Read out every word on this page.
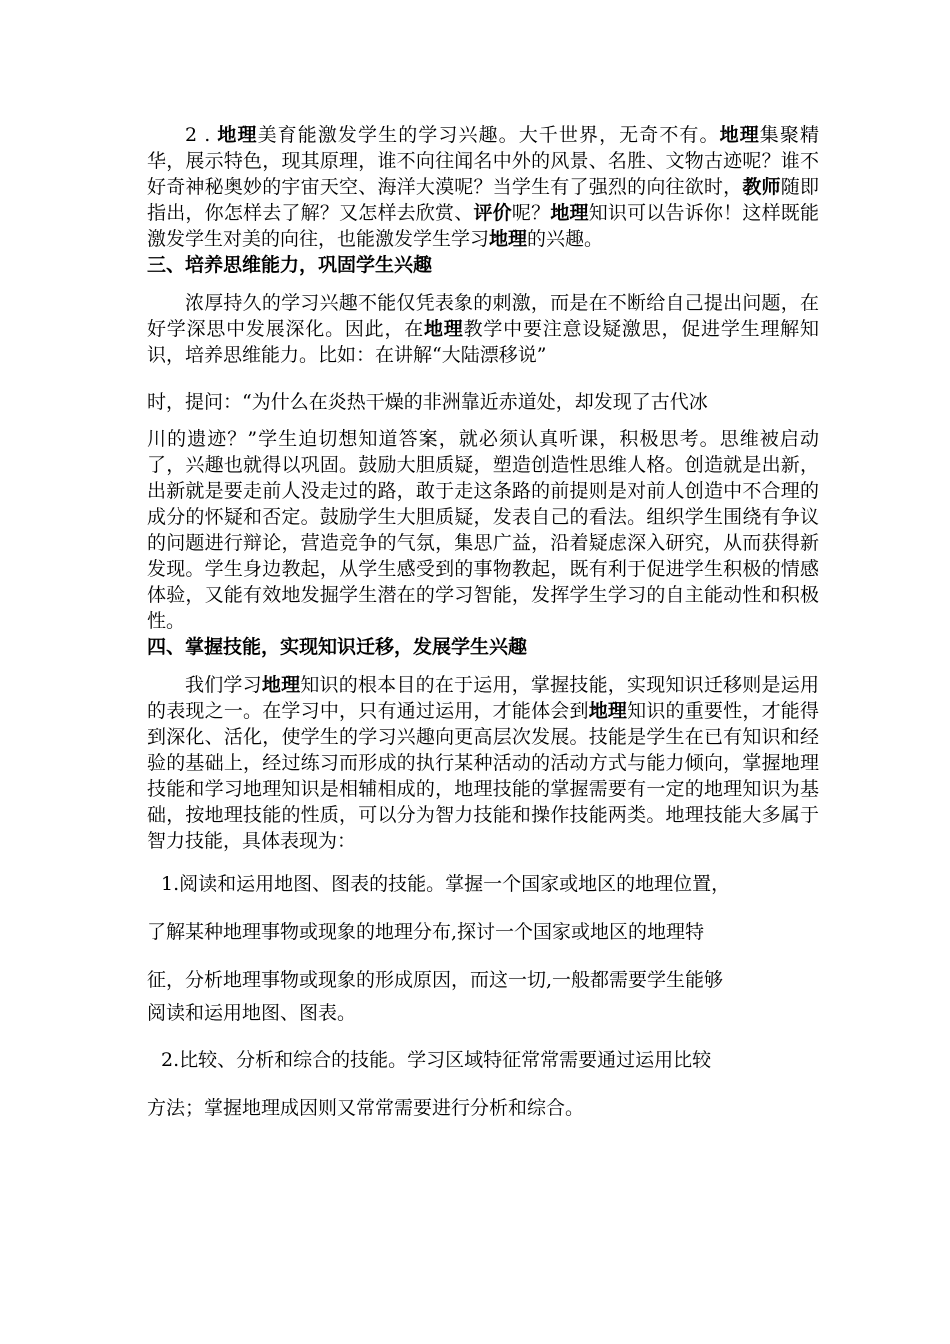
2 . 地理美育能激发学生的学习兴趣。大千世界，无奇不有。地理集聚精华，展示特色，现其原理，谁不向往闻名中外的风景、名胜、文物古迹呢？谁不好奇神秘奥妙的宇宙天空、海洋大漠呢？当学生有了强烈的向往欲时，教师随即指出，你怎样去了解？又怎样去欣赏、评价呢？地理知识可以告诉你！这样既能激发学生对美的向往，也能激发学生学习地理的兴趣。

三、培养思维能力，巩固学生兴趣

浓厚持久的学习兴趣不能仅凭表象的刺激，而是在不断给自己提出问题，在好学深思中发展深化。因此，在地理教学中要注意设疑激思，促进学生理解知识，培养思维能力。比如：在讲解“大陆漂移说”

时，提问：“为什么在炎热干燥的非洲靠近赤道处，却发现了古代冰

川的遗迹？”学生迫切想知道答案，就必须认真听课，积极思考。思维被启动了，兴趣也就得以巩固。鼓励大胆质疑，塑造创造性思维人格。创造就是出新，出新就是要走前人没走过的路，敢于走这条路的前提则是对前人创造中不合理的成分的怀疑和否定。鼓励学生大胆质疑，发表自己的看法。组织学生围绕有争议的问题进行辩论，营造竞争的气氛，集思广益，沿着疑虑深入研究，从而获得新发现。学生身边教起，从学生感受到的事物教起，既有利于促进学生积极的情感体验，又能有效地发掘学生潜在的学习智能，发挥学生学习的自主能动性和积极性。

四、掌握技能，实现知识迁移，发展学生兴趣

我们学习地理知识的根本目的在于运用，掌握技能，实现知识迁移则是运用的表现之一。在学习中，只有通过运用，才能体会到地理知识的重要性，才能得到深化、活化，使学生的学习兴趣向更高层次发展。技能是学生在已有知识和经验的基础上，经过练习而形成的执行某种活动的活动方式与能力倾向，掌握地理技能和学习地理知识是相辅相成的，地理技能的掌握需要有一定的地理知识为基础，按地理技能的性质，可以分为智力技能和操作技能两类。地理技能大多属于智力技能，具体表现为：

1.阅读和运用地图、图表的技能。掌握一个国家或地区的地理位置，

了解某种地理事物或现象的地理分布,探讨一个国家或地区的地理特

征，分析地理事物或现象的形成原因，而这一切,一般都需要学生能够

阅读和运用地图、图表。

2.比较、分析和综合的技能。学习区域特征常常需要通过运用比较

方法；掌握地理成因则又常常需要进行分析和综合。
